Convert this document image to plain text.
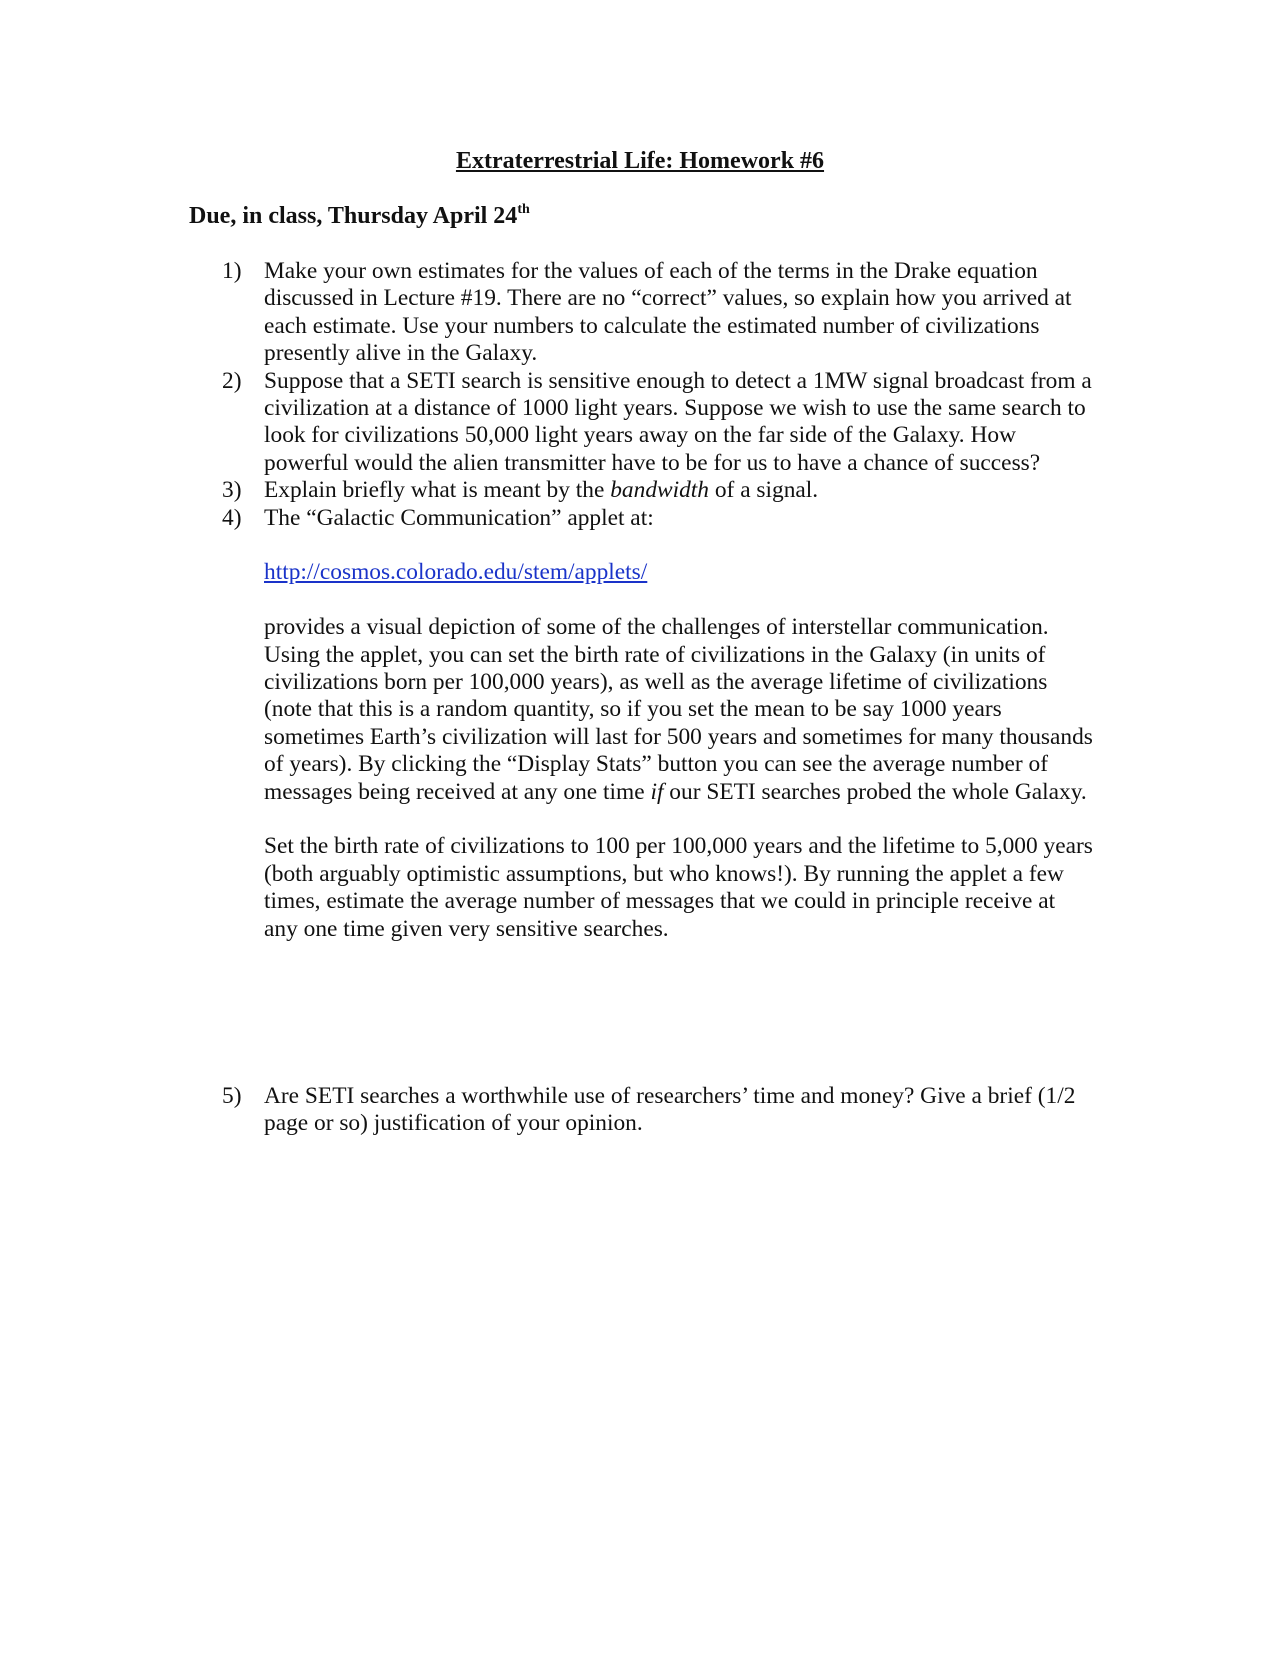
Extraterrestrial Life: Homework #6
Due, in class, Thursday April 24th
1) Make your own estimates for the values of each of the terms in the Drake equation discussed in Lecture #19. There are no “correct” values, so explain how you arrived at each estimate. Use your numbers to calculate the estimated number of civilizations presently alive in the Galaxy.

2) Suppose that a SETI search is sensitive enough to detect a 1MW signal broadcast from a civilization at a distance of 1000 light years. Suppose we wish to use the same search to look for civilizations 50,000 light years away on the far side of the Galaxy. How powerful would the alien transmitter have to be for us to have a chance of success?

3) Explain briefly what is meant by the bandwidth of a signal.

4) The “Galactic Communication” applet at:

http://cosmos.colorado.edu/stem/applets/

provides a visual depiction of some of the challenges of interstellar communication. Using the applet, you can set the birth rate of civilizations in the Galaxy (in units of civilizations born per 100,000 years), as well as the average lifetime of civilizations (note that this is a random quantity, so if you set the mean to be say 1000 years sometimes Earth’s civilization will last for 500 years and sometimes for many thousands of years). By clicking the “Display Stats” button you can see the average number of messages being received at any one time if our SETI searches probed the whole Galaxy.

Set the birth rate of civilizations to 100 per 100,000 years and the lifetime to 5,000 years (both arguably optimistic assumptions, but who knows!). By running the applet a few times, estimate the average number of messages that we could in principle receive at any one time given very sensitive searches.

5) Are SETI searches a worthwhile use of researchers’ time and money? Give a brief (1/2 page or so) justification of your opinion.
